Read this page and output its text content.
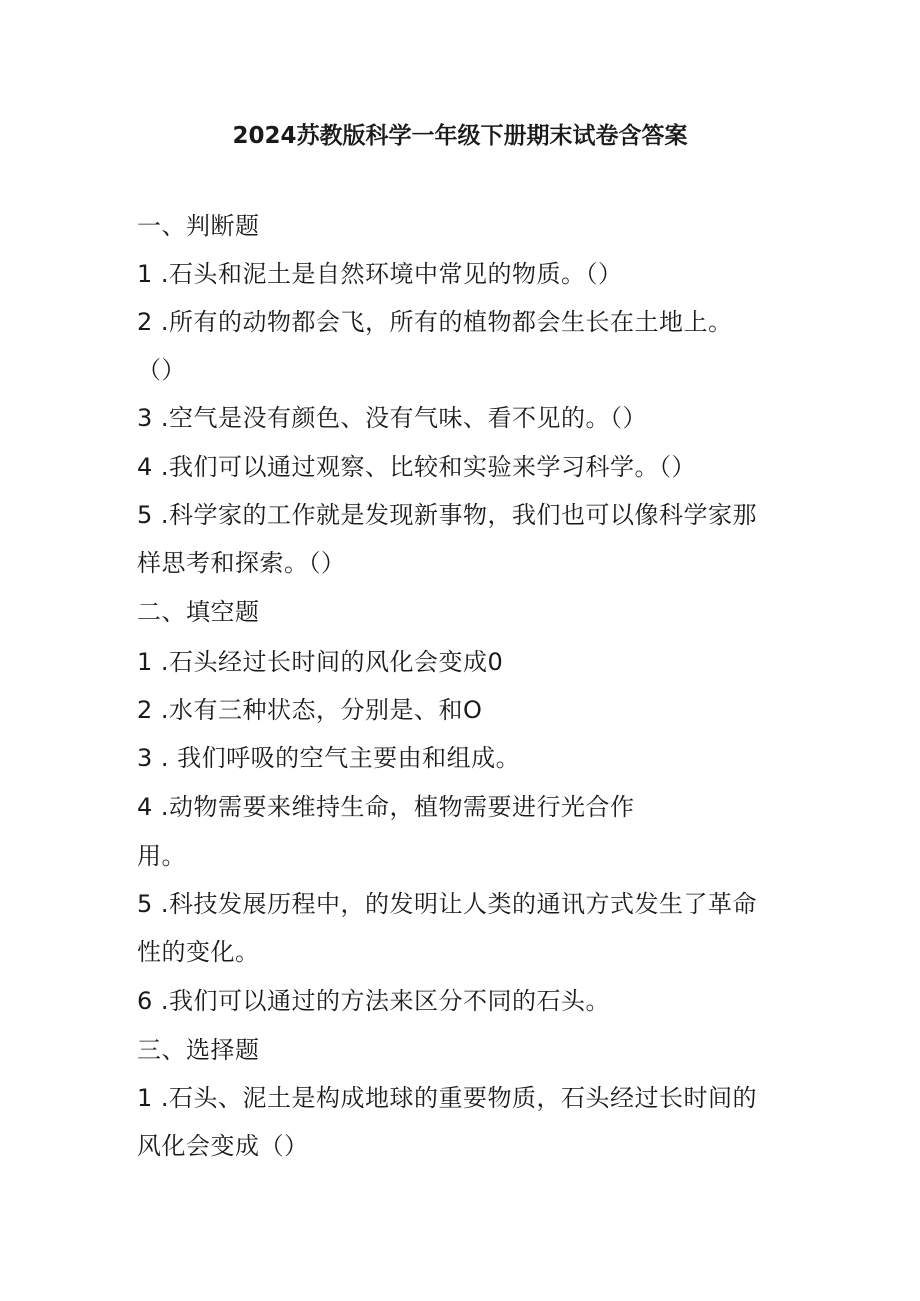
2024苏教版科学一年级下册期末试卷含答案
一、判断题
1 .石头和泥土是自然环境中常见的物质。（）
2 .所有的动物都会飞，所有的植物都会生长在土地上。
（）
3 .空气是没有颜色、没有气味、看不见的。（）
4 .我们可以通过观察、比较和实验来学习科学。（）
5 .科学家的工作就是发现新事物，我们也可以像科学家那
样思考和探索。（）
二、填空题
1 .石头经过长时间的风化会变成0
2 .水有三种状态，分别是、和O
3 . 我们呼吸的空气主要由和组成。
4 .动物需要来维持生命，植物需要进行光合作
用。
5 .科技发展历程中，的发明让人类的通讯方式发生了革命
性的变化。
6 .我们可以通过的方法来区分不同的石头。
三、选择题
1 .石头、泥土是构成地球的重要物质，石头经过长时间的
风化会变成（）
